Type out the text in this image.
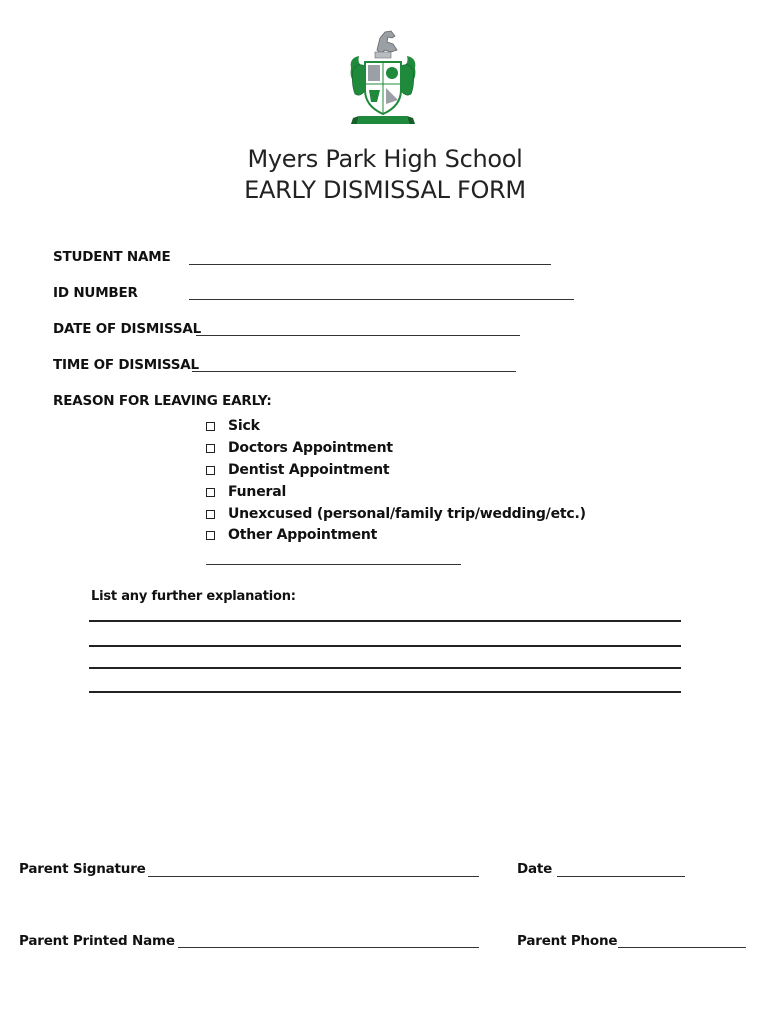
Myers Park High School
EARLY DISMISSAL FORM
STUDENT NAME
ID NUMBER
DATE OF DISMISSAL
TIME OF DISMISSAL
REASON FOR LEAVING EARLY:
Sick
Doctors Appointment
Dentist Appointment
Funeral
Unexcused (personal/family trip/wedding/etc.)
Other Appointment
List any further explanation:
Parent Signature	Date
Parent Printed Name	Parent Phone
